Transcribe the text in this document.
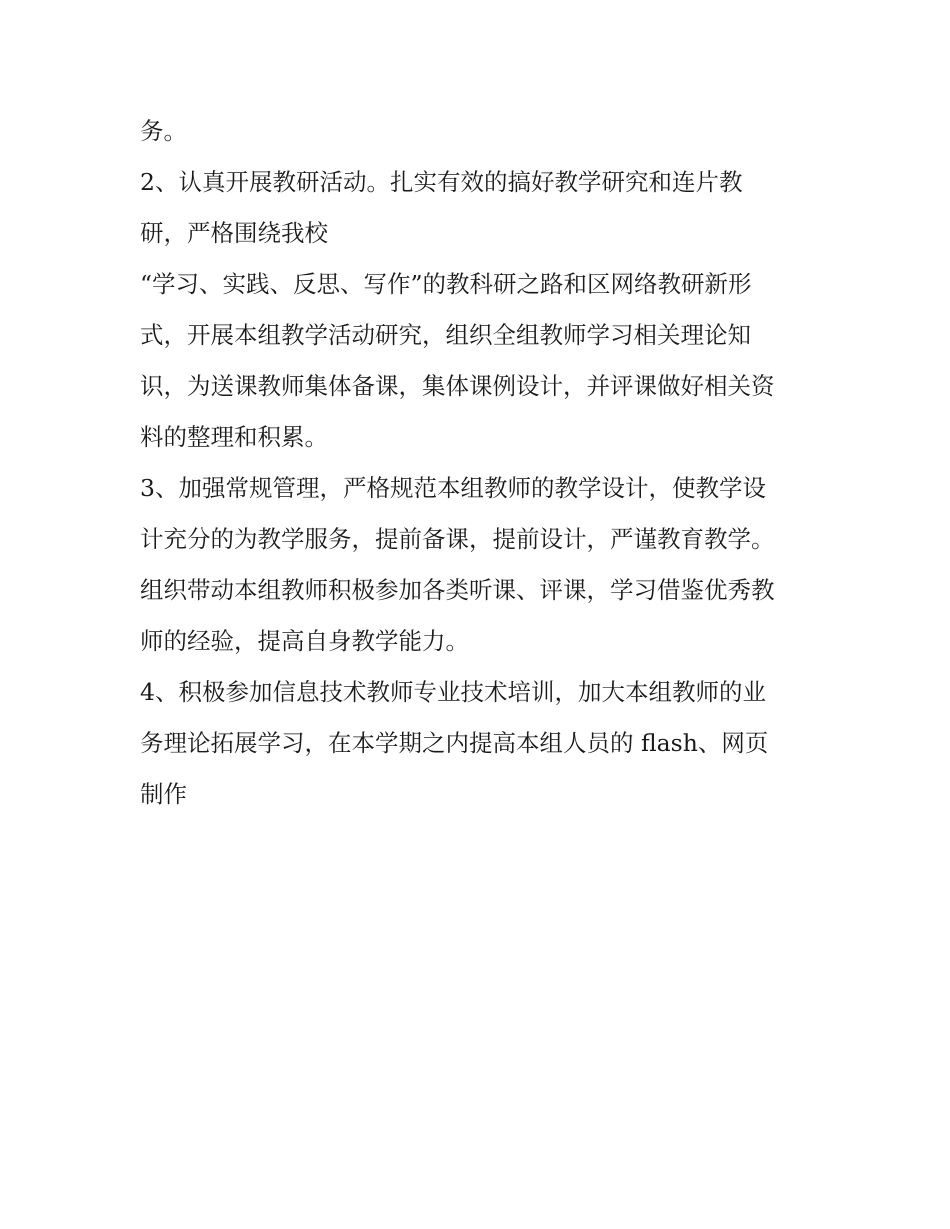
务。
2、认真开展教研活动。扎实有效的搞好教学研究和连片教
研，严格围绕我校
“学习、实践、反思、写作”的教科研之路和区网络教研新形
式，开展本组教学活动研究，组织全组教师学习相关理论知
识，为送课教师集体备课，集体课例设计，并评课做好相关资
料的整理和积累。
3、加强常规管理，严格规范本组教师的教学设计，使教学设
计充分的为教学服务，提前备课，提前设计，严谨教育教学。
组织带动本组教师积极参加各类听课、评课，学习借鉴优秀教
师的经验，提高自身教学能力。
4、积极参加信息技术教师专业技术培训，加大本组教师的业
务理论拓展学习，在本学期之内提高本组人员的 flash、网页
制作
